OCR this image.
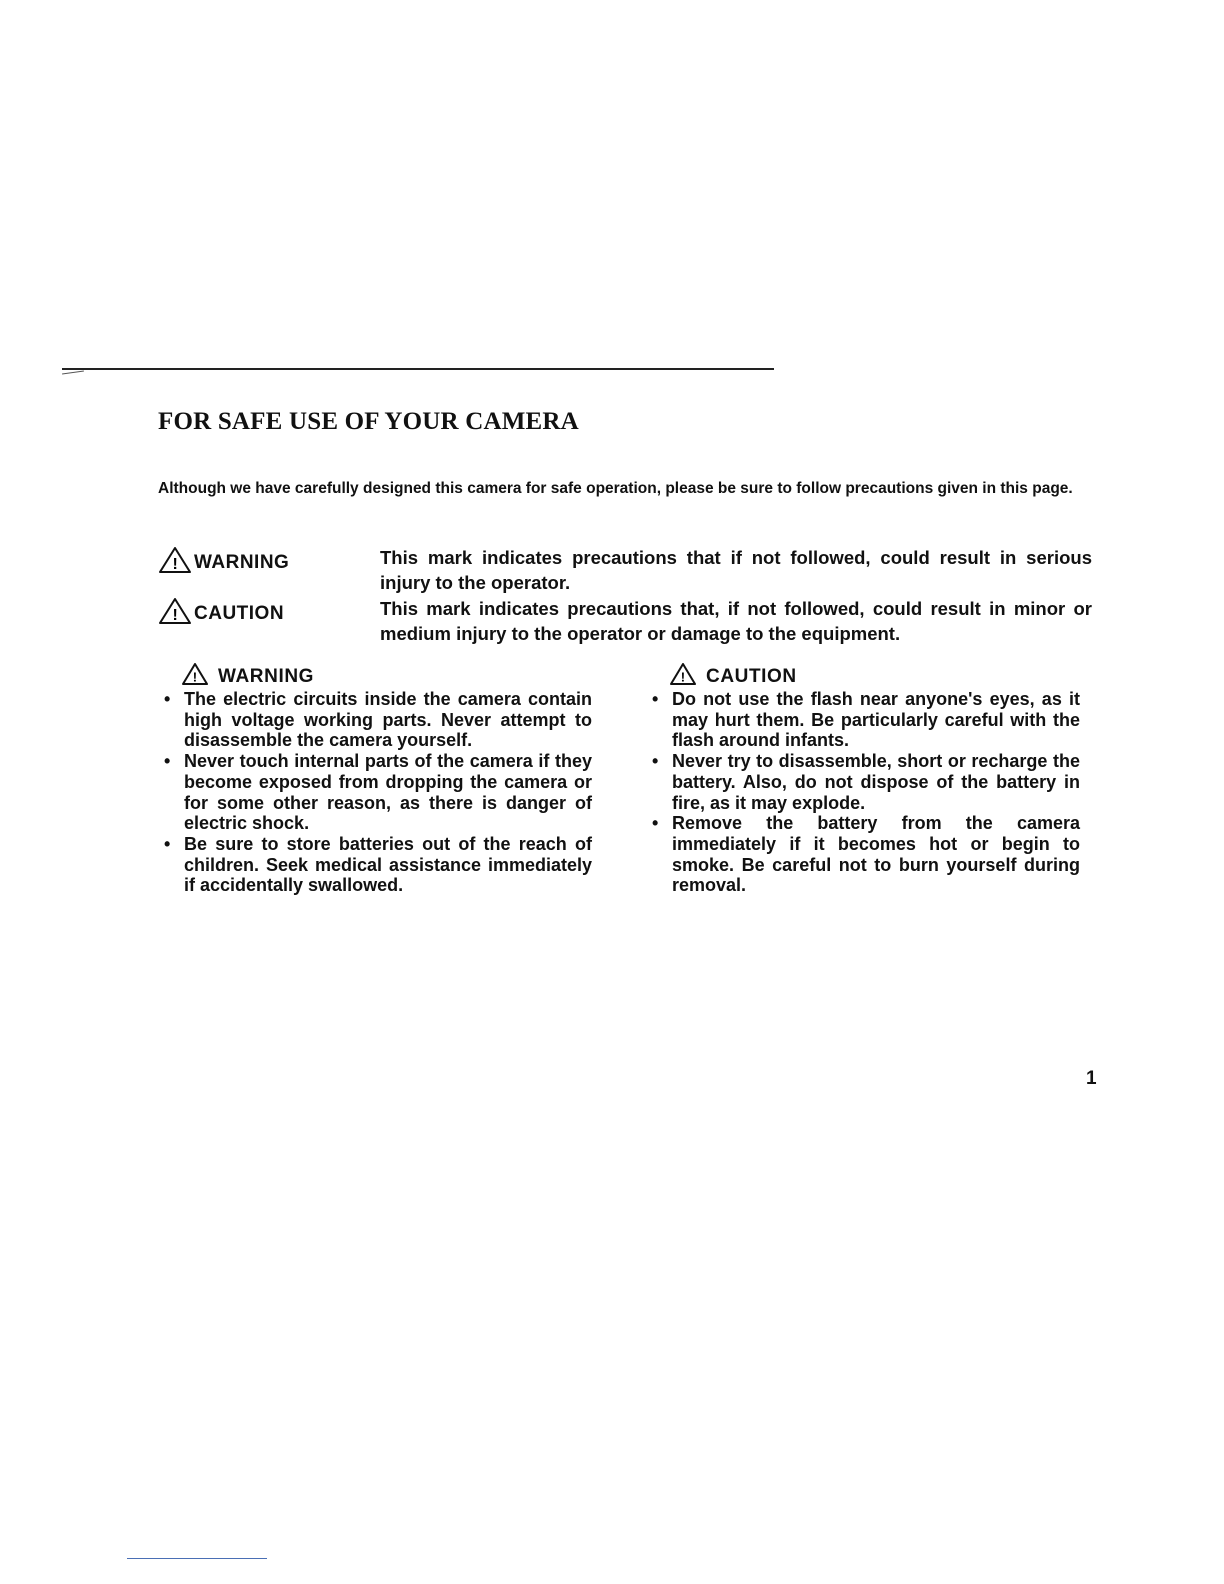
FOR SAFE USE OF YOUR CAMERA

Although we have carefully designed this camera for safe operation, please be sure to follow precautions given in this page.

! WARNING	This mark indicates precautions that if not followed, could result in serious injury to the operator.
! CAUTION	This mark indicates precautions that, if not followed, could result in minor or medium injury to the operator or damage to the equipment.
! WARNING
• The electric circuits inside the camera contain high voltage working parts. Never attempt to disassemble the camera yourself.
• Never touch internal parts of the camera if they become exposed from dropping the camera or for some other reason, as there is danger of electric shock.
• Be sure to store batteries out of the reach of children. Seek medical assistance immediately if accidentally swallowed.
! CAUTION
• Do not use the flash near anyone's eyes, as it may hurt them. Be particularly careful with the flash around infants.
• Never try to disassemble, short or recharge the battery. Also, do not dispose of the battery in fire, as it may explode.
• Remove the battery from the camera immediately if it becomes hot or begin to smoke. Be careful not to burn yourself during removal.
1
